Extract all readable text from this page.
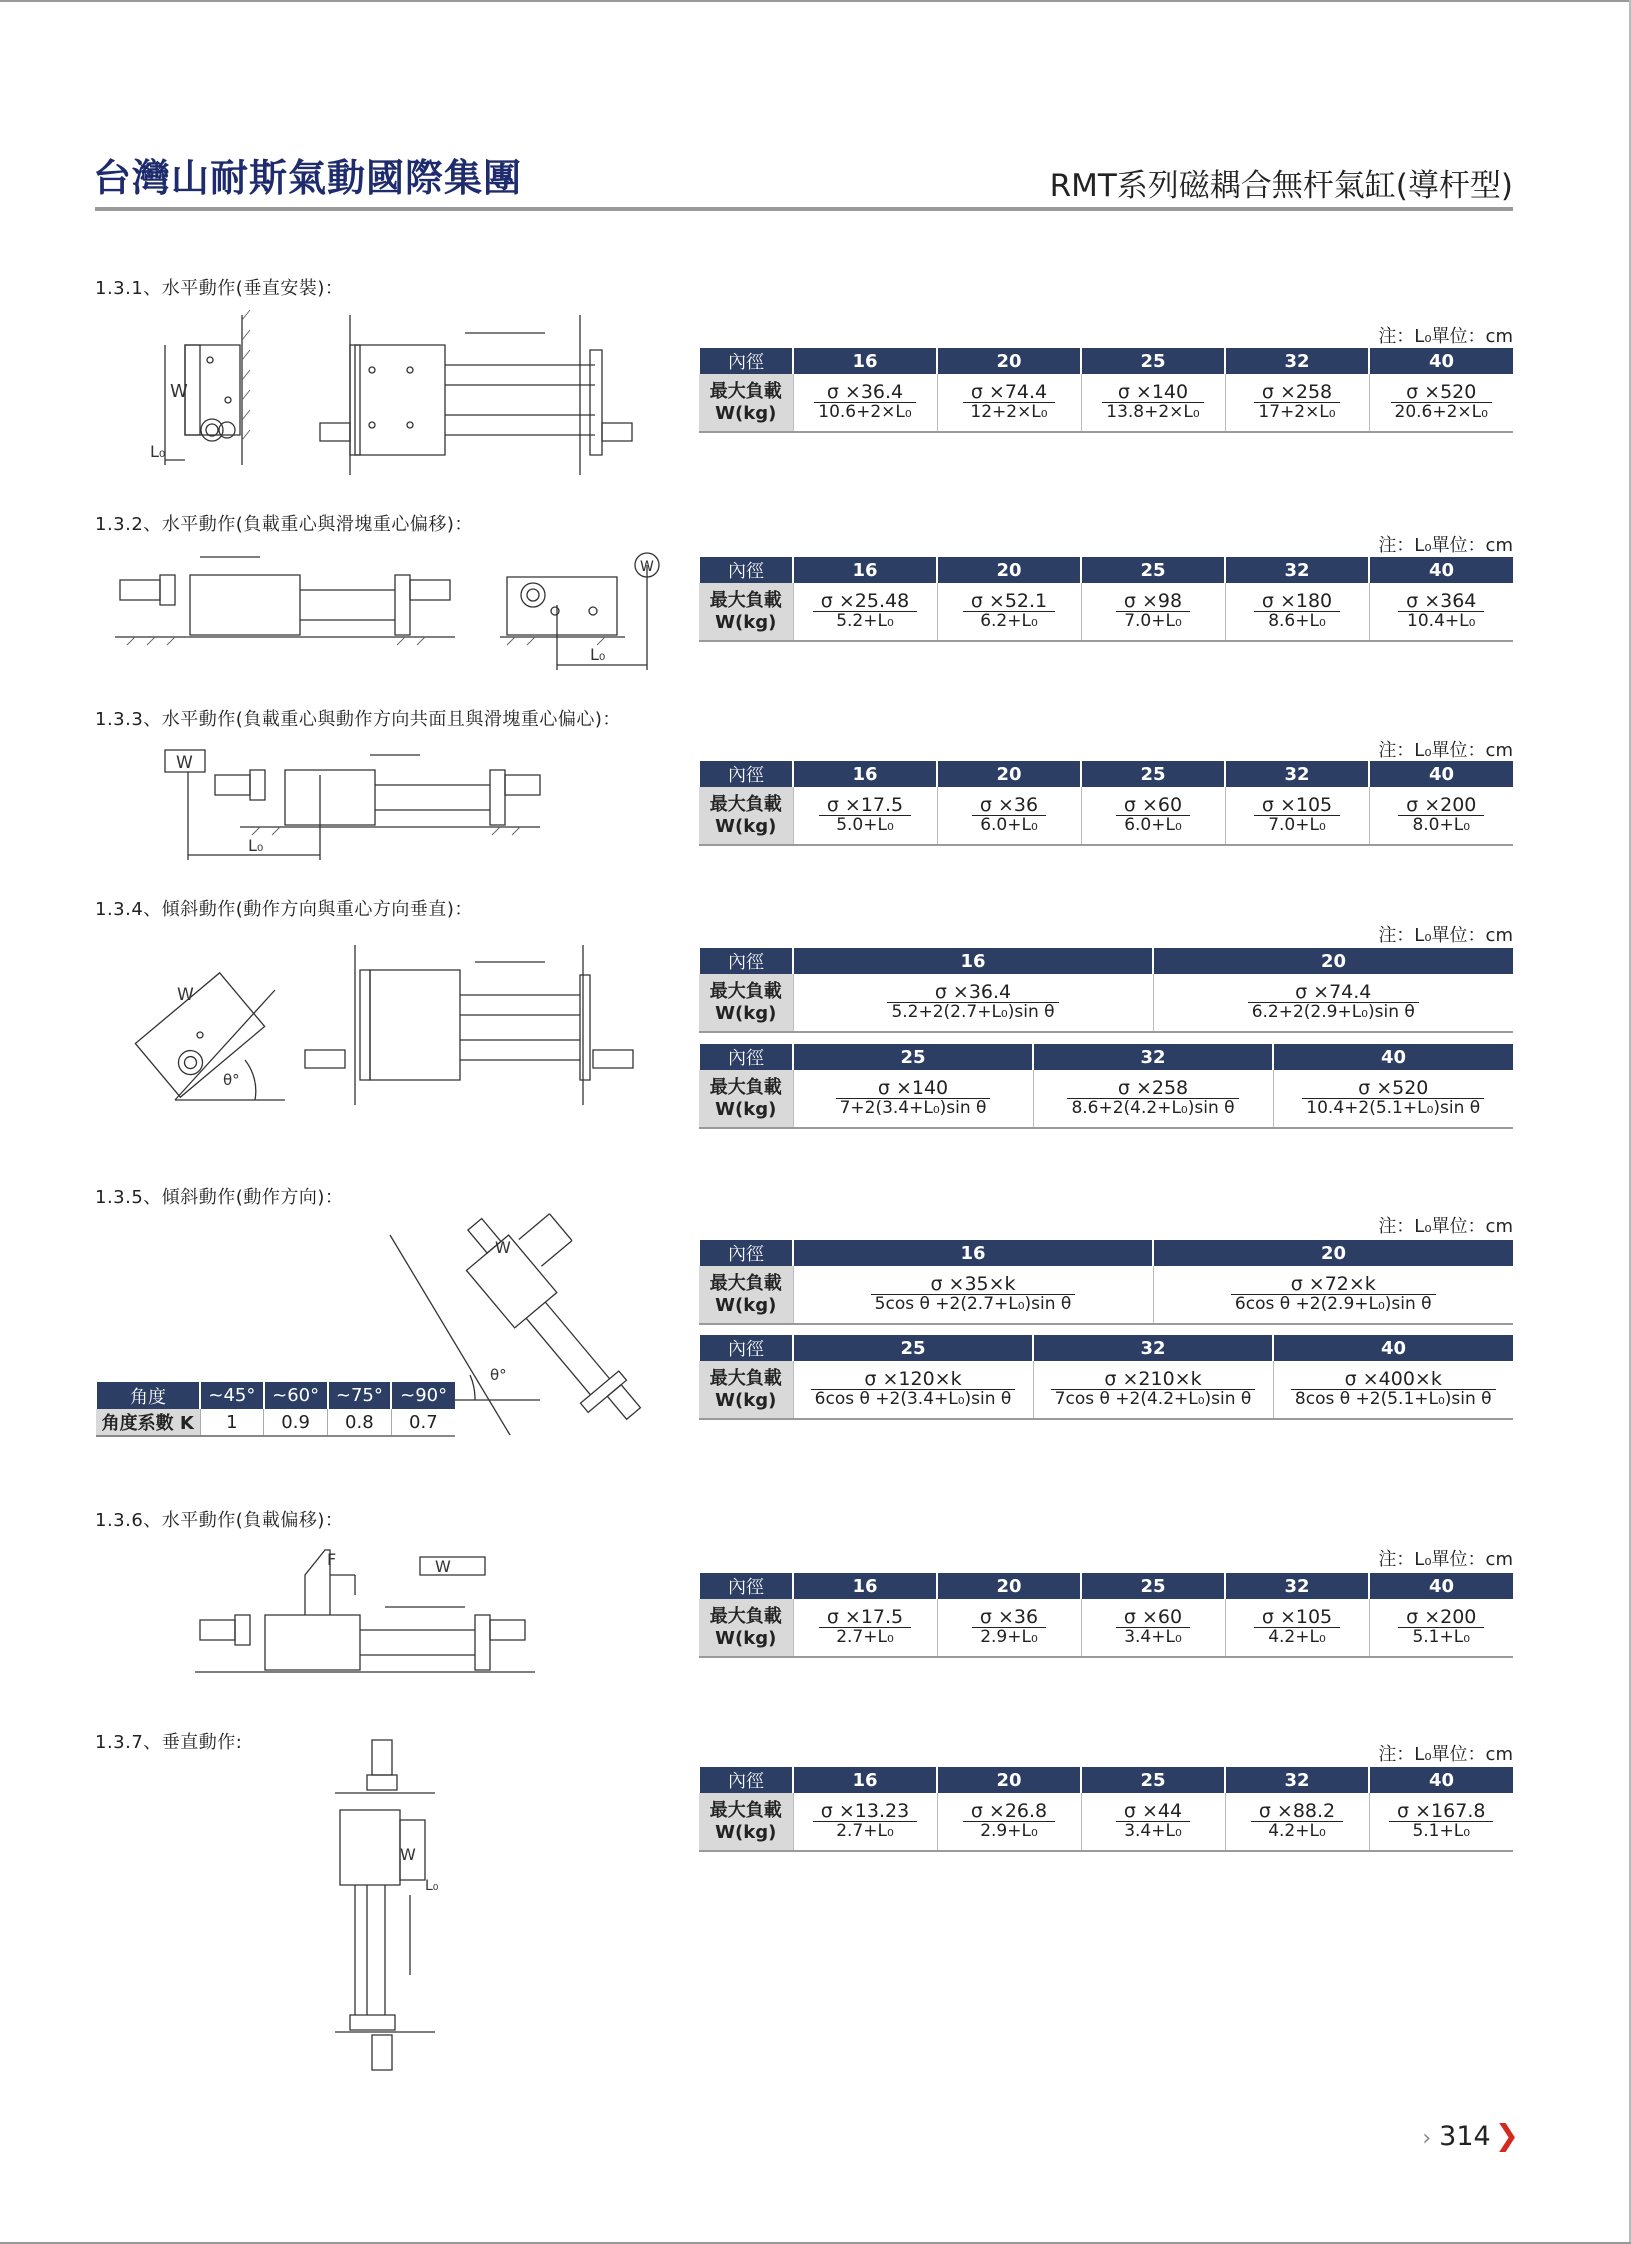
台灣山耐斯氣動國際集團	RMT系列磁耦合無杆氣缸(導杆型)
1.3.1、水平動作(垂直安裝)：
W
L₀
注：L₀單位：cm
內徑	16	20	25	32	40

最大負載
W(kg)	$\frac{\sigma \times 36.4}{\text{10.6+2×L₀}}$	$\frac{\sigma \times 74.4}{\text{12+2×L₀}}$	$\frac{\sigma \times 140}{\text{13.8+2×L₀}}$	$\frac{\sigma \times 258}{\text{17+2×L₀}}$	$\frac{\sigma \times 520}{\text{20.6+2×L₀}}$
1.3.2、水平動作(負載重心與滑塊重心偏移)：
W
L₀
注：L₀單位：cm
內徑	16	20	25	32	40

最大負載
W(kg)	$\frac{\sigma \times 25.48}{\text{5.2+L₀}}$	$\frac{\sigma \times 52.1}{\text{6.2+L₀}}$	$\frac{\sigma \times 98}{\text{7.0+L₀}}$	$\frac{\sigma \times 180}{\text{8.6+L₀}}$	$\frac{\sigma \times 364}{\text{10.4+L₀}}$
1.3.3、水平動作(負載重心與動作方向共面且與滑塊重心偏心)：
W
L₀
注：L₀單位：cm
內徑	16	20	25	32	40

最大負載
W(kg)	$\frac{\sigma \times 17.5}{\text{5.0+L₀}}$	$\frac{\sigma \times 36}{\text{6.0+L₀}}$	$\frac{\sigma \times 60}{\text{6.0+L₀}}$	$\frac{\sigma \times 105}{\text{7.0+L₀}}$	$\frac{\sigma \times 200}{\text{8.0+L₀}}$
1.3.4、傾斜動作(動作方向與重心方向垂直)：
W
θ°
注：L₀單位：cm
內徑	16	20

最大負載
W(kg)	$\frac{\sigma \times 36.4}{\text{5.2+2(2.7+L₀)sin θ}}$	$\frac{\sigma \times 74.4}{\text{6.2+2(2.9+L₀)sin θ}}$
內徑	25	32	40

最大負載
W(kg)	$\frac{\sigma \times 140}{\text{7+2(3.4+L₀)sin θ}}$	$\frac{\sigma \times 258}{\text{8.6+2(4.2+L₀)sin θ}}$	$\frac{\sigma \times 520}{\text{10.4+2(5.1+L₀)sin θ}}$
1.3.5、傾斜動作(動作方向)：
W
θ°
注：L₀單位：cm
內徑	16	20

最大負載
W(kg)	$\frac{\sigma \times 35\times k}{\text{5cos θ +2(2.7+L₀)sin θ}}$	$\frac{\sigma \times 72\times k}{\text{6cos θ +2(2.9+L₀)sin θ}}$
內徑	25	32	40

最大負載
W(kg)	$\frac{\sigma \times 120\times k}{\text{6cos θ +2(3.4+L₀)sin θ}}$	$\frac{\sigma \times 210\times k}{\text{7cos θ +2(4.2+L₀)sin θ}}$	$\frac{\sigma \times 400\times k}{\text{8cos θ +2(5.1+L₀)sin θ}}$
角度	~45°	~60°	~75°	~90°
角度系數 K	1	0.9	0.8	0.7
1.3.6、水平動作(負載偏移)：
F	W	注：L₀單位：cm
內徑	16	20	25	32	40

最大負載
W(kg)	$\frac{\sigma \times 17.5}{\text{2.7+L₀}}$	$\frac{\sigma \times 36}{\text{2.9+L₀}}$	$\frac{\sigma \times 60}{\text{3.4+L₀}}$	$\frac{\sigma \times 105}{\text{4.2+L₀}}$	$\frac{\sigma \times 200}{\text{5.1+L₀}}$
1.3.7、垂直動作:
W
L₀
注：L₀單位：cm
內徑	16	20	25	32	40

最大負載
W(kg)	$\frac{\sigma \times 13.23}{\text{2.7+L₀}}$	$\frac{\sigma \times 26.8}{\text{2.9+L₀}}$	$\frac{\sigma \times 44}{\text{3.4+L₀}}$	$\frac{\sigma \times 88.2}{\text{4.2+L₀}}$	$\frac{\sigma \times 167.8}{\text{5.1+L₀}}$
› 314 ❯
